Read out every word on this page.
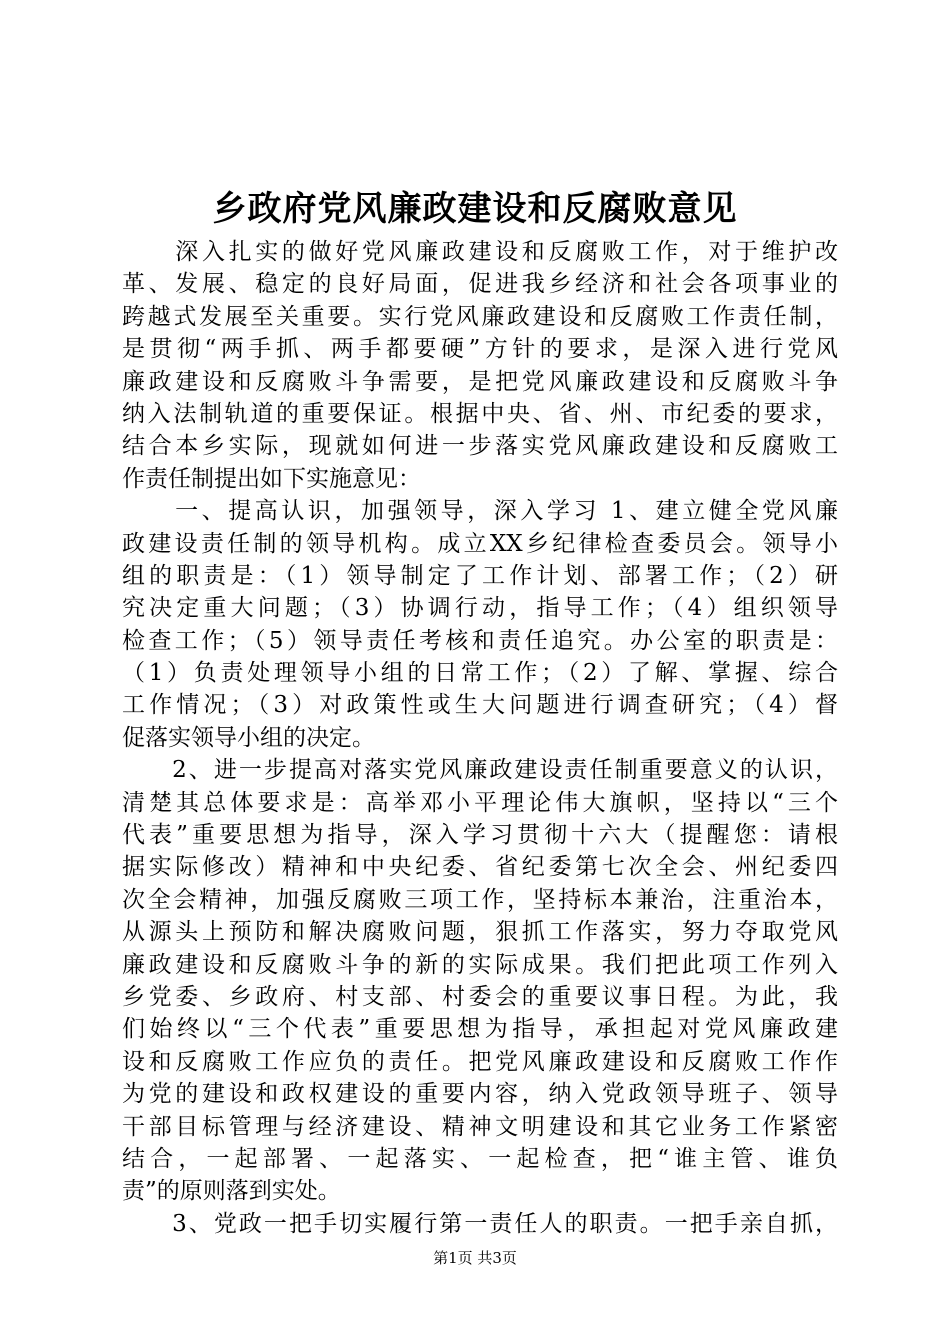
乡政府党风廉政建设和反腐败意见
　　深入扎实的做好党风廉政建设和反腐败工作，对于维护改
革、发展、稳定的良好局面，促进我乡经济和社会各项事业的
跨越式发展至关重要。实行党风廉政建设和反腐败工作责任制，
是贯彻“两手抓、两手都要硬”方针的要求，是深入进行党风
廉政建设和反腐败斗争需要，是把党风廉政建设和反腐败斗争
纳入法制轨道的重要保证。根据中央、省、州、市纪委的要求，
结合本乡实际，现就如何进一步落实党风廉政建设和反腐败工
作责任制提出如下实施意见：
　　一、提高认识，加强领导，深入学习 1、建立健全党风廉
政建设责任制的领导机构。成立XX乡纪律检查委员会。领导小
组的职责是：（1）领导制定了工作计划、部署工作；（2）研
究决定重大问题；（3）协调行动，指导工作；（4）组织领导
检查工作；（5）领导责任考核和责任追究。办公室的职责是：
（1）负责处理领导小组的日常工作；（2）了解、掌握、综合
工作情况；（3）对政策性或生大问题进行调查研究；（4）督
促落实领导小组的决定。
　　2、进一步提高对落实党风廉政建设责任制重要意义的认识，
清楚其总体要求是：高举邓小平理论伟大旗帜，坚持以“三个
代表”重要思想为指导，深入学习贯彻十六大（提醒您：请根
据实际修改）精神和中央纪委、省纪委第七次全会、州纪委四
次全会精神，加强反腐败三项工作，坚持标本兼治，注重治本，
从源头上预防和解决腐败问题，狠抓工作落实，努力夺取党风
廉政建设和反腐败斗争的新的实际成果。我们把此项工作列入
乡党委、乡政府、村支部、村委会的重要议事日程。为此，我
们始终以“三个代表”重要思想为指导，承担起对党风廉政建
设和反腐败工作应负的责任。把党风廉政建设和反腐败工作作
为党的建设和政权建设的重要内容，纳入党政领导班子、领导
干部目标管理与经济建设、精神文明建设和其它业务工作紧密
结合，一起部署、一起落实、一起检查，把“谁主管、谁负
责”的原则落到实处。
　　3、党政一把手切实履行第一责任人的职责。一把手亲自抓，
第1页 共3页
